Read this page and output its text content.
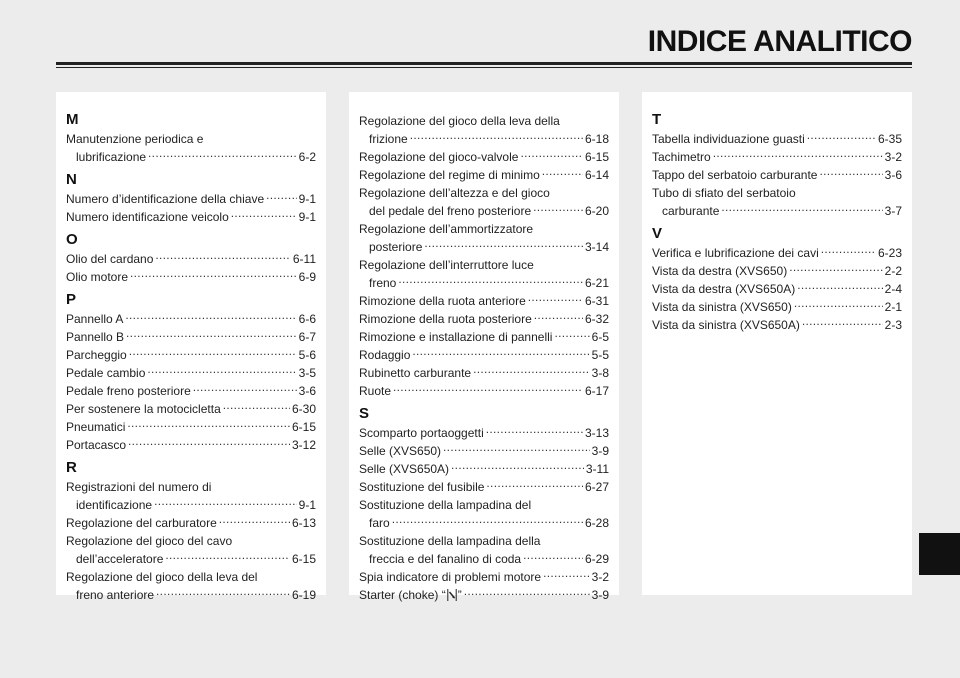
INDICE ANALITICO
M
Manutenzione periodica e
lubrificazione .....	6-2
N
Numero d’identificazione della chiave .....	9-1
Numero identificazione veicolo .....	9-1
O
Olio del cardano .....	6-11
Olio motore .....	6-9
P
Pannello A .....	6-6
Pannello B .....	6-7
Parcheggio .....	5-6
Pedale cambio .....	3-5
Pedale freno posteriore .....	3-6
Per sostenere la motocicletta .....	6-30
Pneumatici .....	6-15
Portacasco .....	3-12
R
Registrazioni del numero di
identificazione .....	9-1
Regolazione del carburatore .....	6-13
Regolazione del gioco del cavo
dell’acceleratore .....	6-15
Regolazione del gioco della leva del
freno anteriore .....	6-19
Regolazione del gioco della leva della
frizione .....	6-18
Regolazione del gioco-valvole .....	6-15
Regolazione del regime di minimo .....	6-14
Regolazione dell’altezza e del gioco
del pedale del freno posteriore .....	6-20
Regolazione dell’ammortizzatore
posteriore .....	3-14
Regolazione dell’interruttore luce
freno .....	6-21
Rimozione della ruota anteriore .....	6-31
Rimozione della ruota posteriore .....	6-32
Rimozione e installazione di pannelli .....	6-5
Rodaggio .....	5-5
Rubinetto carburante .....	3-8
Ruote .....	6-17
S
Scomparto portaoggetti .....	3-13
Selle (XVS650) .....	3-9
Selle (XVS650A) .....	3-11
Sostituzione del fusibile .....	6-27
Sostituzione della lampadina del
faro .....	6-28
Sostituzione della lampadina della
freccia e del fanalino di coda .....	6-29
Spia indicatore di problemi motore .....	3-2
Starter (choke) “ ” .....	3-9
T
Tabella individuazione guasti .....	6-35
Tachimetro .....	3-2
Tappo del serbatoio carburante .....	3-6
Tubo di sfiato del serbatoio
carburante .....	3-7
V
Verifica e lubrificazione dei cavi .....	6-23
Vista da destra (XVS650) .....	2-2
Vista da destra (XVS650A) .....	2-4
Vista da sinistra (XVS650) .....	2-1
Vista da sinistra (XVS650A) .....	2-3
